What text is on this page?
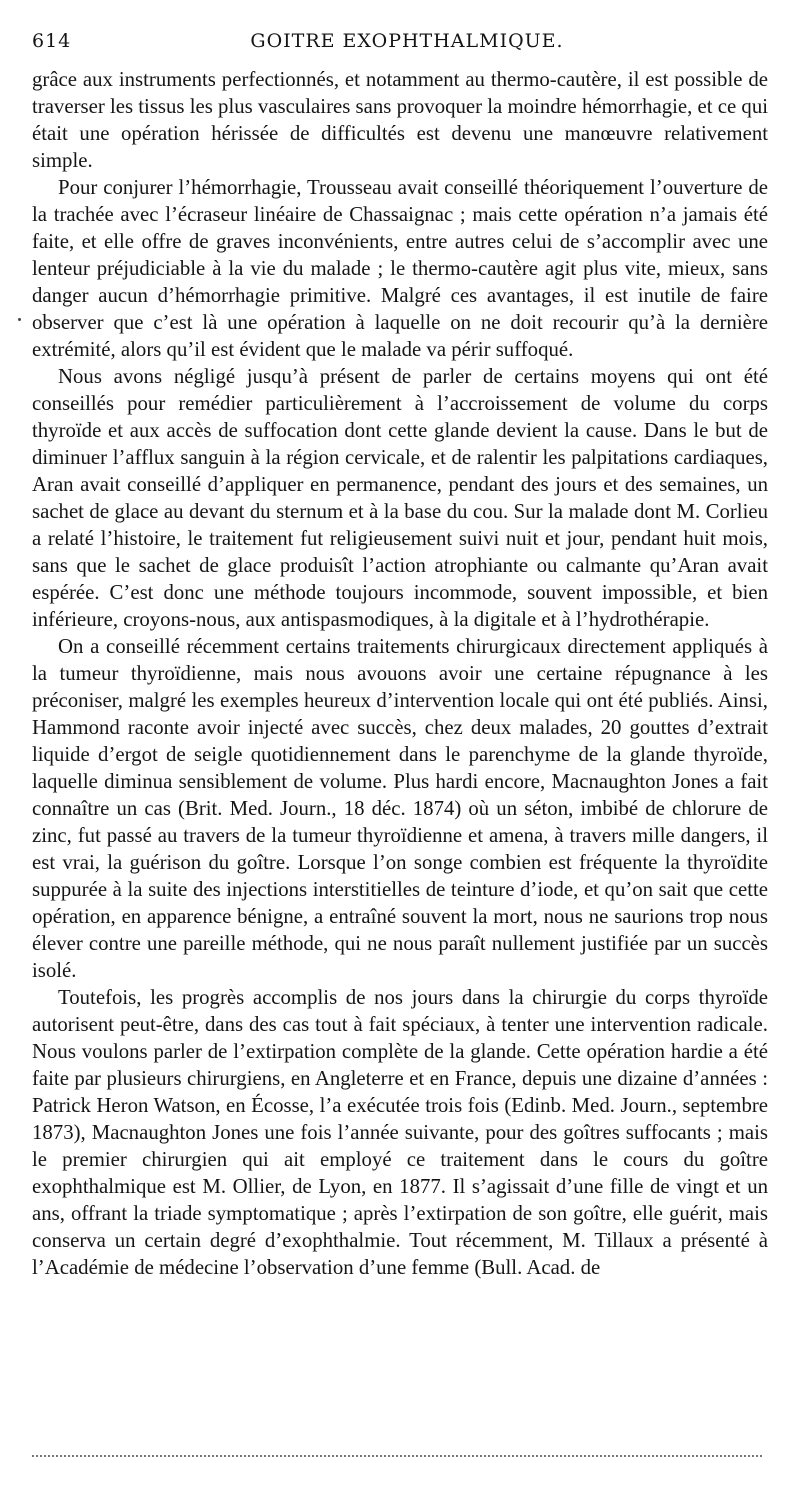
614	GOITRE EXOPHTHALMIQUE.

grâce aux instruments perfectionnés, et notamment au thermo-cautère, il est possible de traverser les tissus les plus vasculaires sans provoquer la moindre hémorrhagie, et ce qui était une opération hérissée de difficultés est devenu une manœuvre relativement simple.

Pour conjurer l’hémorrhagie, Trousseau avait conseillé théoriquement l’ouverture de la trachée avec l’écraseur linéaire de Chassaignac ; mais cette opération n’a jamais été faite, et elle offre de graves inconvénients, entre autres celui de s’accomplir avec une lenteur préjudiciable à la vie du malade ; le thermo-cautère agit plus vite, mieux, sans danger aucun d’hémorrhagie primitive. Malgré ces avantages, il est inutile de faire observer que c’est là une opération à laquelle on ne doit recourir qu’à la dernière extrémité, alors qu’il est évident que le malade va périr suffoqué.

Nous avons négligé jusqu’à présent de parler de certains moyens qui ont été conseillés pour remédier particulièrement à l’accroissement de volume du corps thyroïde et aux accès de suffocation dont cette glande devient la cause. Dans le but de diminuer l’afflux sanguin à la région cervicale, et de ralentir les palpitations cardiaques, Aran avait conseillé d’appliquer en permanence, pendant des jours et des semaines, un sachet de glace au devant du sternum et à la base du cou. Sur la malade dont M. Corlieu a relaté l’histoire, le traitement fut religieusement suivi nuit et jour, pendant huit mois, sans que le sachet de glace produisît l’action atrophiante ou calmante qu’Aran avait espérée. C’est donc une méthode toujours incommode, souvent impossible, et bien inférieure, croyons-nous, aux antispasmodiques, à la digitale et à l’hydrothérapie.

On a conseillé récemment certains traitements chirurgicaux directement appliqués à la tumeur thyroïdienne, mais nous avouons avoir une certaine répugnance à les préconiser, malgré les exemples heureux d’intervention locale qui ont été publiés. Ainsi, Hammond raconte avoir injecté avec succès, chez deux malades, 20 gouttes d’extrait liquide d’ergot de seigle quotidiennement dans le parenchyme de la glande thyroïde, laquelle diminua sensiblement de volume. Plus hardi encore, Macnaughton Jones a fait connaître un cas (Brit. Med. Journ., 18 déc. 1874) où un séton, imbibé de chlorure de zinc, fut passé au travers de la tumeur thyroïdienne et amena, à travers mille dangers, il est vrai, la guérison du goître. Lorsque l’on songe combien est fréquente la thyroïdite suppurée à la suite des injections interstitielles de teinture d’iode, et qu’on sait que cette opération, en apparence bénigne, a entraîné souvent la mort, nous ne saurions trop nous élever contre une pareille méthode, qui ne nous paraît nullement justifiée par un succès isolé.

Toutefois, les progrès accomplis de nos jours dans la chirurgie du corps thyroïde autorisent peut-être, dans des cas tout à fait spéciaux, à tenter une intervention radicale. Nous voulons parler de l’extirpation complète de la glande. Cette opération hardie a été faite par plusieurs chirurgiens, en Angleterre et en France, depuis une dizaine d’années : Patrick Heron Watson, en Écosse, l’a exécutée trois fois (Edinb. Med. Journ., septembre 1873), Macnaughton Jones une fois l’année suivante, pour des goîtres suffocants ; mais le premier chirurgien qui ait employé ce traitement dans le cours du goître exophthalmique est M. Ollier, de Lyon, en 1877. Il s’agissait d’une fille de vingt et un ans, offrant la triade symptomatique ; après l’extirpation de son goître, elle guérit, mais conserva un certain degré d’exophthalmie. Tout récemment, M. Tillaux a présenté à l’Académie de médecine l’observation d’une femme (Bull. Acad. de
